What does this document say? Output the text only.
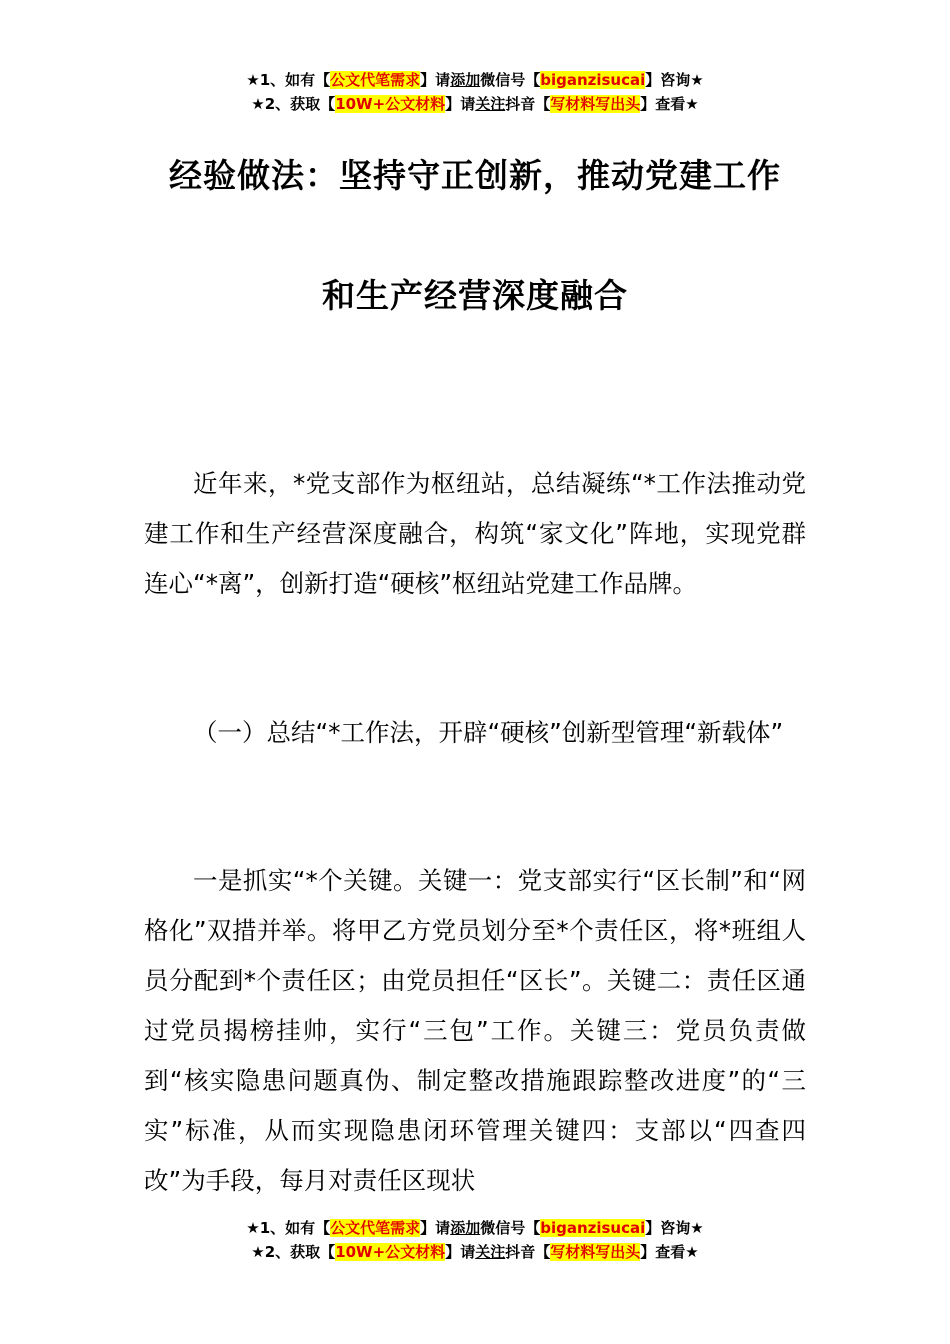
★1、如有【公文代笔需求】请添加微信号【biganzisucai】咨询★
★2、获取【10W+公文材料】请关注抖音【写材料写出头】查看★
经验做法：坚持守正创新，推动党建工作
和生产经营深度融合

近年来，*党支部作为枢纽站，总结凝练“*工作法推动党建工作和生产经营深度融合，构筑“家文化”阵地，实现党群连心“*离”，创新打造“硬核”枢纽站党建工作品牌。

（一）总结“*工作法，开辟“硬核”创新型管理“新载体”

一是抓实“*个关键。关键一：党支部实行“区长制”和“网格化”双措并举。将甲乙方党员划分至*个责任区，将*班组人员分配到*个责任区；由党员担任“区长”。关键二：责任区通过党员揭榜挂帅，实行“三包”工作。关键三：党员负责做到“核实隐患问题真伪、制定整改措施跟踪整改进度”的“三实”标准，从而实现隐患闭环管理关键四：支部以“四查四改”为手段，每月对责任区现状

★1、如有【公文代笔需求】请添加微信号【biganzisucai】咨询★
★2、获取【10W+公文材料】请关注抖音【写材料写出头】查看★
